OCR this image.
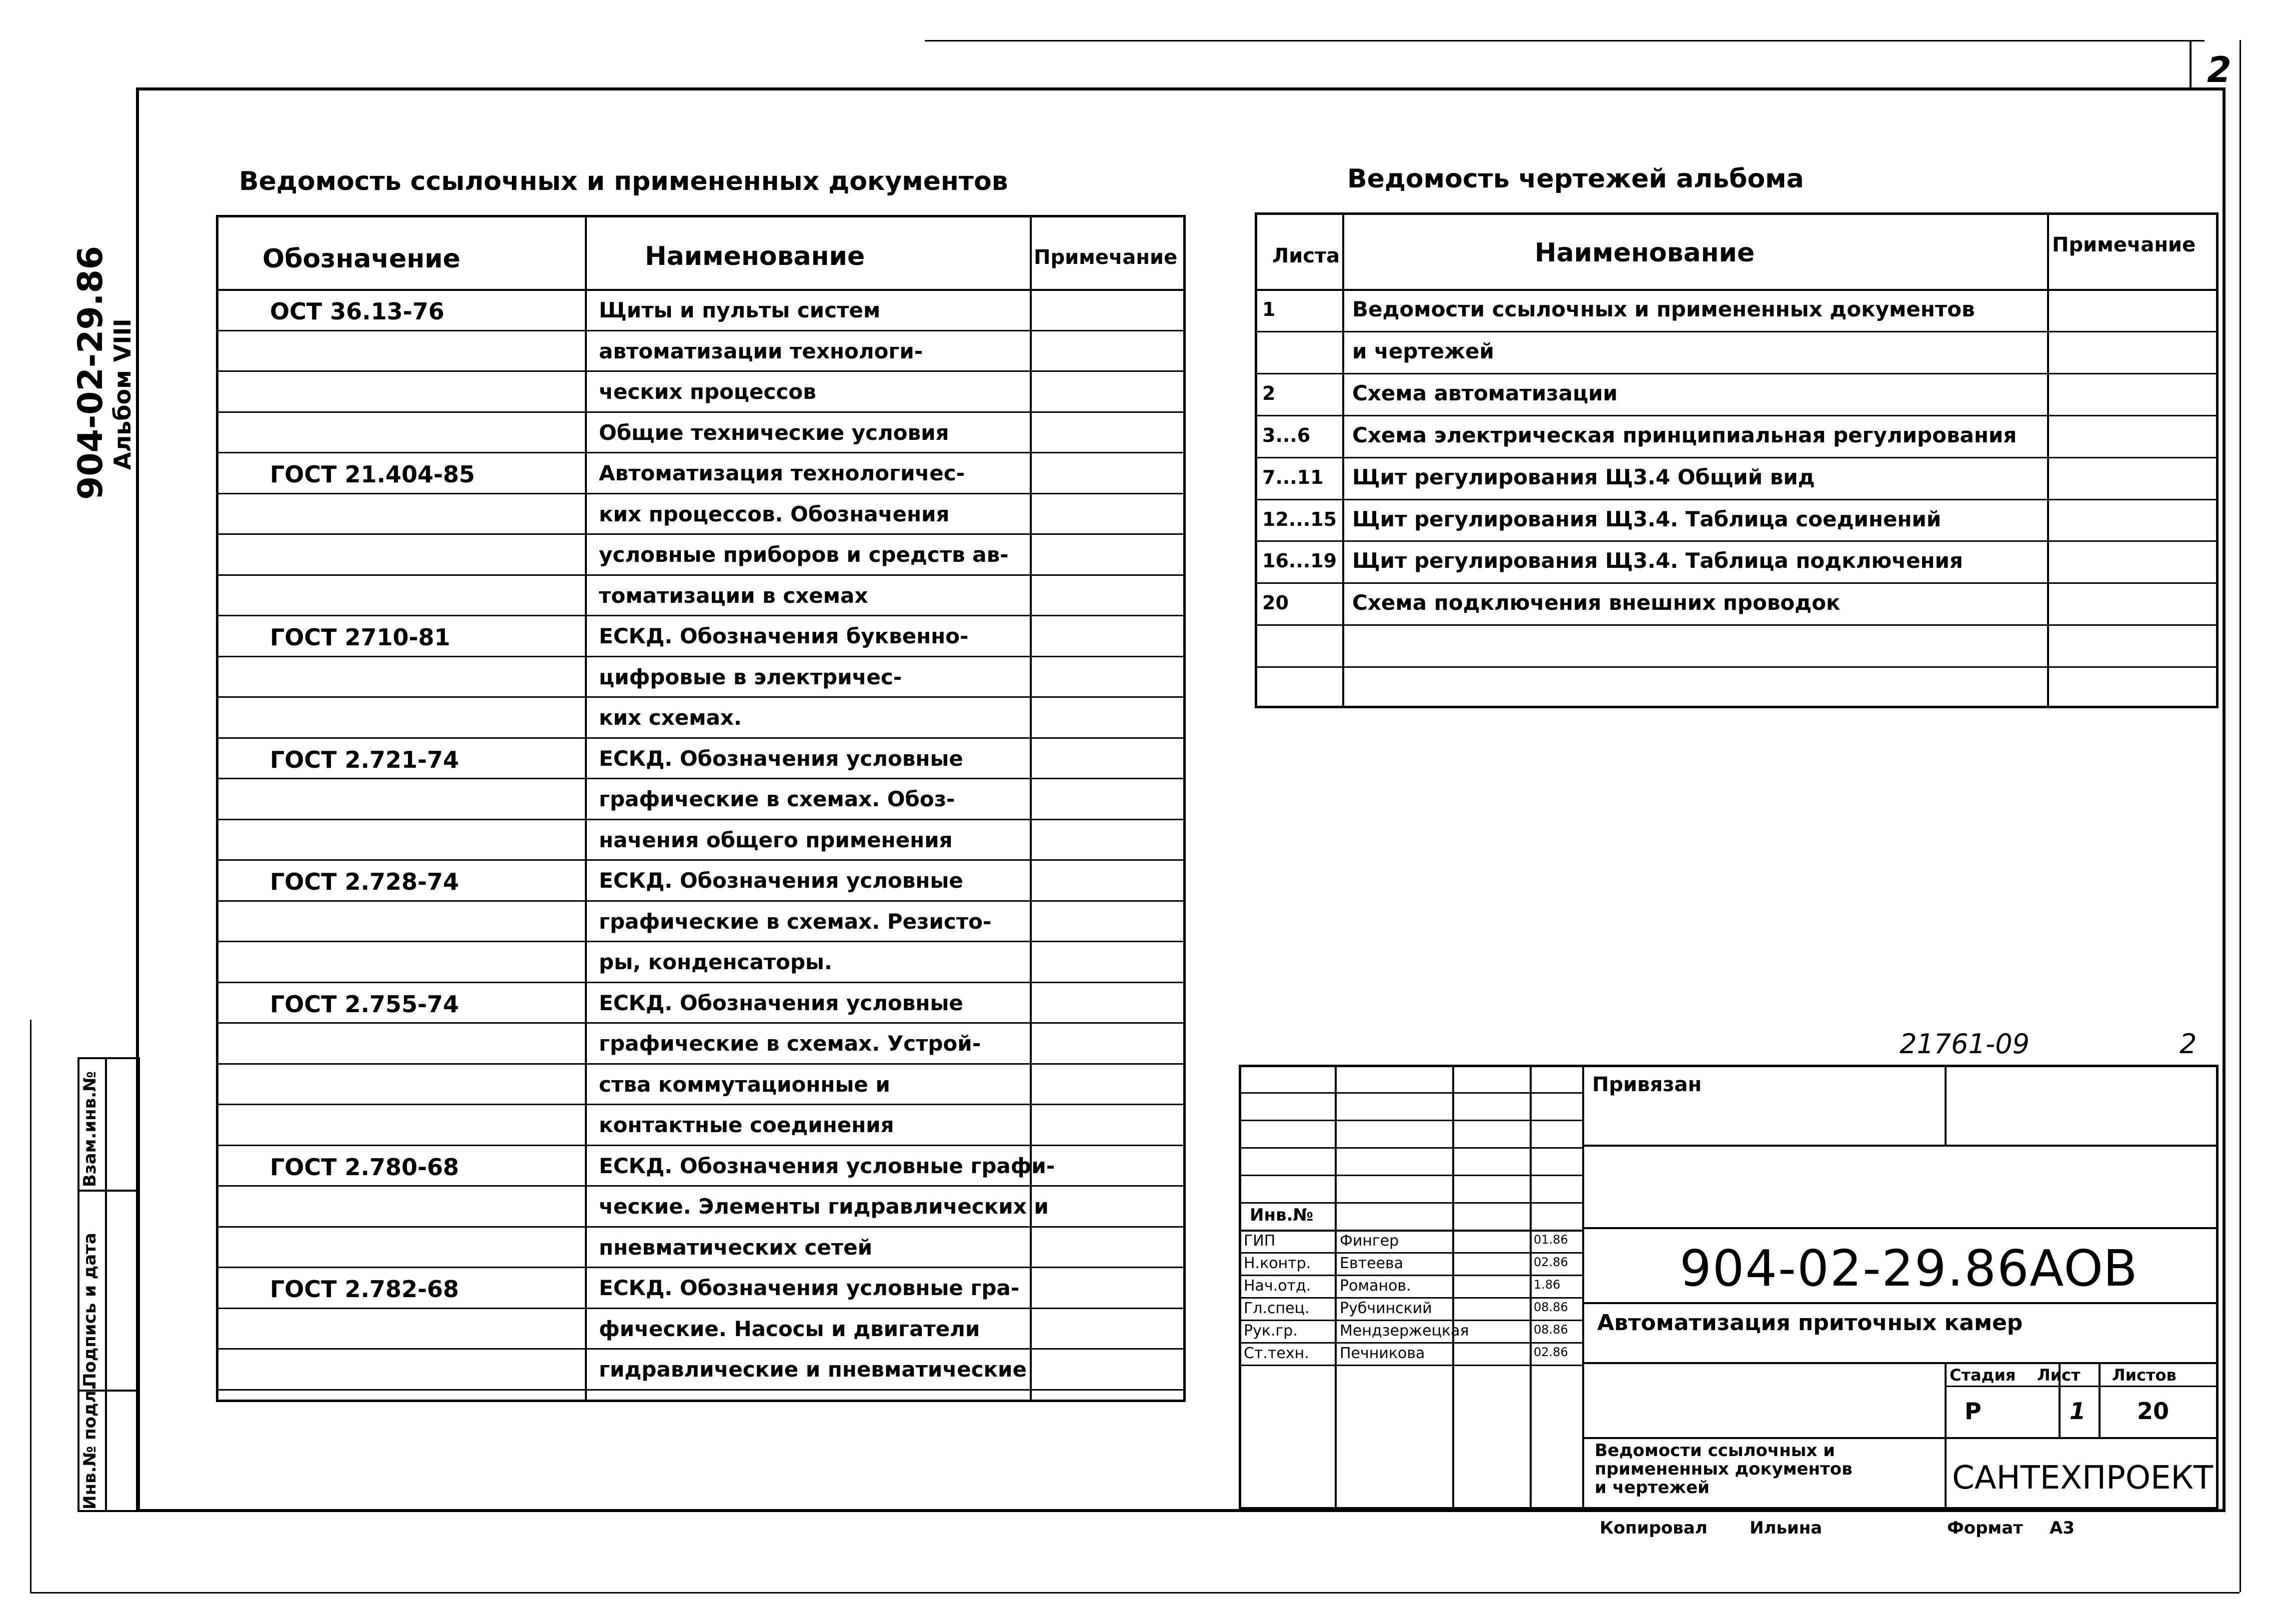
2
904-02-29.86
Альбом VIII
Инв.№ подл.
Подпись и дата
Взам.инв.№
Ведомость ссылочных и примененных документов
Обозначение	Наименование	Примечание
ОСТ 36.13-76	Щиты и пульты систем
автоматизации технологи-
ческих процессов
Общие технические условия
ГОСТ 21.404-85	Автоматизация технологичес-
ких процессов. Обозначения
условные приборов и средств ав-
томатизации в схемах
ГОСТ 2710-81	ЕСКД. Обозначения буквенно-
цифровые в электричес-
ких схемах.
ГОСТ 2.721-74	ЕСКД. Обозначения условные
графические в схемах. Обоз-
начения общего применения
ГОСТ 2.728-74	ЕСКД. Обозначения условные
графические в схемах. Резисто-
ры, конденсаторы.
ГОСТ 2.755-74	ЕСКД. Обозначения условные
графические в схемах. Устрой-
ства коммутационные и
контактные соединения
ГОСТ 2.780-68	ЕСКД. Обозначения условные графи-
ческие. Элементы гидравлических и
пневматических сетей
ГОСТ 2.782-68	ЕСКД. Обозначения условные гра-
фические. Насосы и двигатели
гидравлические и пневматические
Ведомость чертежей альбома
Листа	Наименование	Примечание
1	Ведомости ссылочных и примененных документов
и чертежей
2	Схема автоматизации
3...6 Схема электрическая принципиальная регулирования
7...11 Щит регулирования Щ3.4 Общий вид
12...15 Щит регулирования Щ3.4. Таблица соединений
16...19 Щит регулирования Щ3.4. Таблица подключения
20	Схема подключения внешних проводок
21761-09	2
ГИП	Фингер	01.86
Н.контр. Евтеева	02.86
Нач.отд. Романов.	1.86
Гл.спец. Рубчинский	08.86
Рук.гр.	Мендзержецкая	08.86
Ст.техн. Печникова	02.86
Инв.№
Привязан
904-02-29.86 АОВ
Автоматизация приточных камер
Стадия Лист Листов
Р	1 20
Ведомости ссылочных и
примененных документов
и чертежей	САНТЕХПРОЕКТ
Копировал Ильина	Формат А3
